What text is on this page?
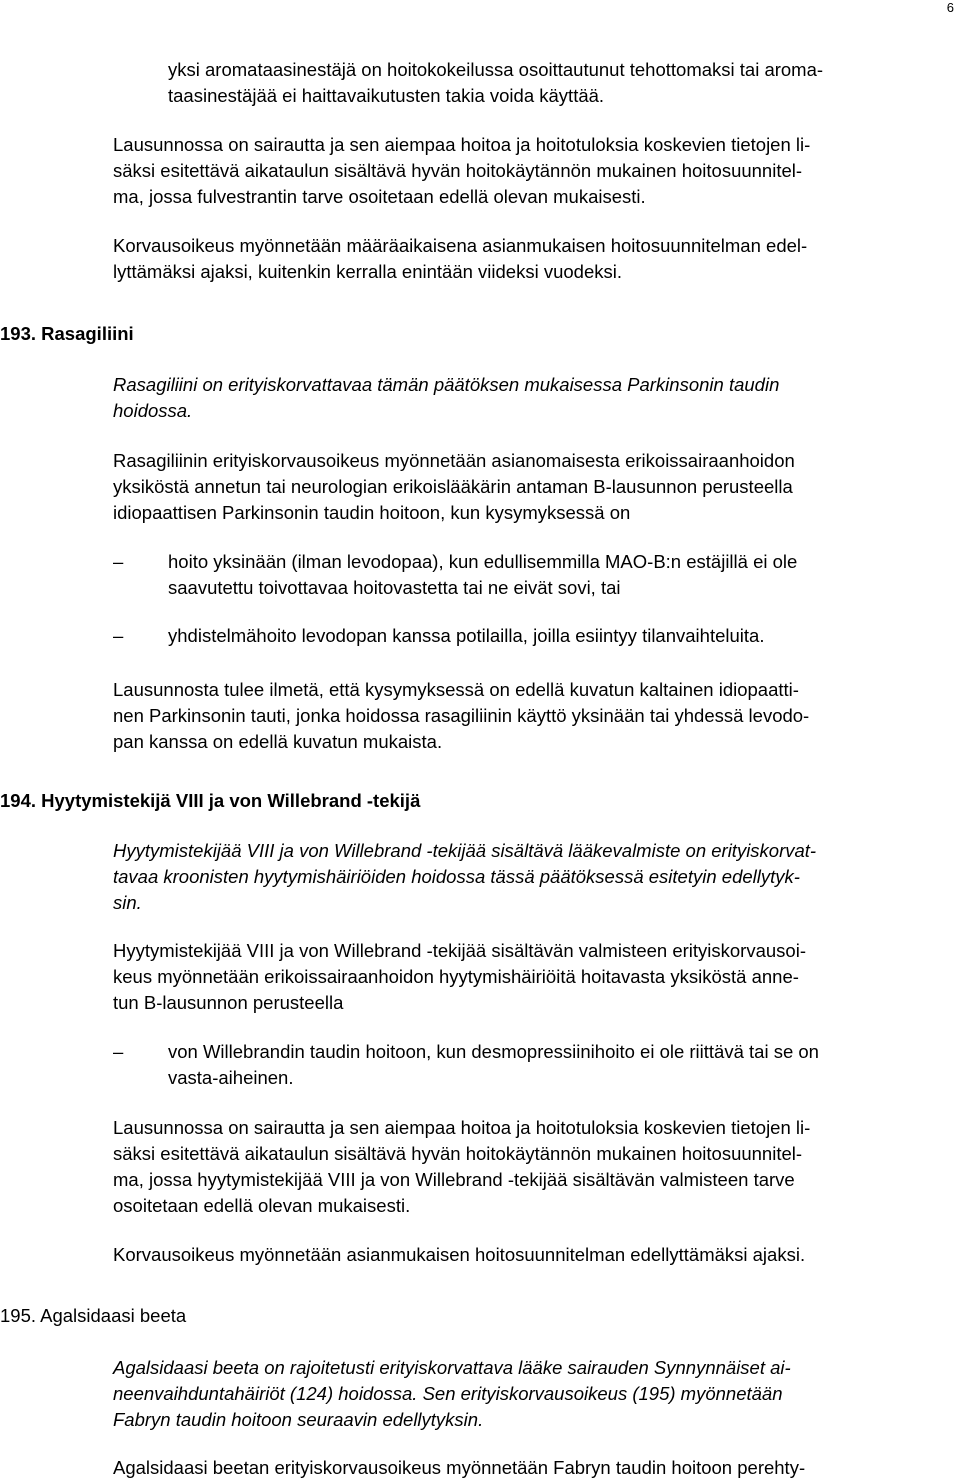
6
yksi aromataasinestäjä on hoitokokeilussa osoittautunut tehottomaksi tai aroma-
taasinestäjää ei haittavaikutusten takia voida käyttää.
Lausunnossa on sairautta ja sen aiempaa hoitoa ja hoitotuloksia koskevien tietojen li-
säksi esitettävä aikataulun sisältävä hyvän hoitokäytännön mukainen hoitosuunnitel-
ma, jossa fulvestrantin tarve osoitetaan edellä olevan mukaisesti.
Korvausoikeus myönnetään määräaikaisena asianmukaisen hoitosuunnitelman edel-
lyttämäksi ajaksi, kuitenkin kerralla enintään viideksi vuodeksi.
193. Rasagiliini
Rasagiliini on erityiskorvattavaa tämän päätöksen mukaisessa Parkinsonin taudin
hoidossa.
Rasagiliinin erityiskorvausoikeus myönnetään asianomaisesta erikoissairaanhoidon
yksiköstä annetun tai neurologian erikoislääkärin antaman B-lausunnon perusteella
idiopaattisen Parkinsonin taudin hoitoon, kun kysymyksessä on
– hoito yksinään (ilman levodopaa), kun edullisemmilla MAO-B:n estäjillä ei ole
saavutettu toivottavaa hoitovastetta tai ne eivät sovi, tai
– yhdistelmähoito levodopan kanssa potilailla, joilla esiintyy tilanvaihteluita.
Lausunnosta tulee ilmetä, että kysymyksessä on edellä kuvatun kaltainen idiopaatti-
nen Parkinsonin tauti, jonka hoidossa rasagiliinin käyttö yksinään tai yhdessä levodo-
pan kanssa on edellä kuvatun mukaista.
194. Hyytymistekijä VIII ja von Willebrand -tekijä
Hyytymistekijää VIII ja von Willebrand -tekijää sisältävä lääkevalmiste on erityiskorvat-
tavaa kroonisten hyytymishäiriöiden hoidossa tässä päätöksessä esitetyin edellytyk-
sin.
Hyytymistekijää VIII ja von Willebrand -tekijää sisältävän valmisteen erityiskorvausoi-
keus myönnetään erikoissairaanhoidon hyytymishäiriöitä hoitavasta yksiköstä anne-
tun B-lausunnon perusteella
– von Willebrandin taudin hoitoon, kun desmopressiinihoito ei ole riittävä tai se on
vasta-aiheinen.
Lausunnossa on sairautta ja sen aiempaa hoitoa ja hoitotuloksia koskevien tietojen li-
säksi esitettävä aikataulun sisältävä hyvän hoitokäytännön mukainen hoitosuunnitel-
ma, jossa hyytymistekijää VIII ja von Willebrand -tekijää sisältävän valmisteen tarve
osoitetaan edellä olevan mukaisesti.
Korvausoikeus myönnetään asianmukaisen hoitosuunnitelman edellyttämäksi ajaksi.
195. Agalsidaasi beeta
Agalsidaasi beeta on rajoitetusti erityiskorvattava lääke sairauden Synnynnäiset ai-
neenvaihduntahäiriöt (124) hoidossa. Sen erityiskorvausoikeus (195) myönnetään
Fabryn taudin hoitoon seuraavin edellytyksin.
Agalsidaasi beetan erityiskorvausoikeus myönnetään Fabryn taudin hoitoon perehty-
